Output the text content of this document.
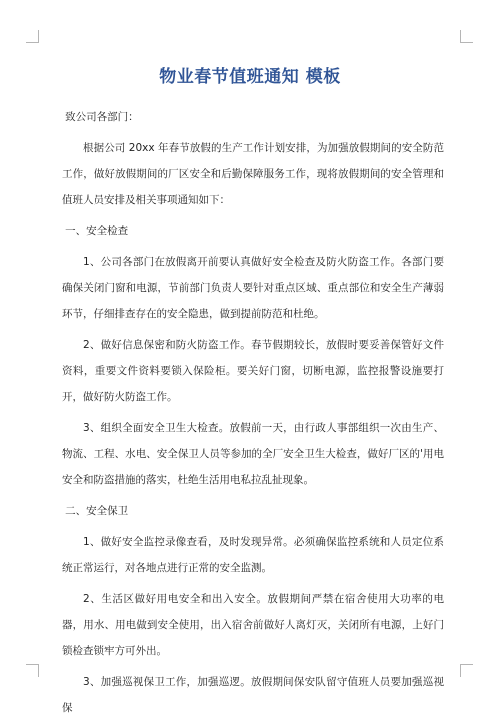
物业春节值班通知 模板

致公司各部门：

根据公司 20xx 年春节放假的生产工作计划安排，为加强放假期间的安全防范工作，做好放假期间的厂区安全和后勤保障服务工作，现将放假期间的安全管理和值班人员安排及相关事项通知如下：

一、安全检查

1、公司各部门在放假离开前要认真做好安全检查及防火防盗工作。各部门要确保关闭门窗和电源，节前部门负责人要针对重点区域、重点部位和安全生产薄弱环节，仔细排查存在的安全隐患，做到提前防范和杜绝。

2、做好信息保密和防火防盗工作。春节假期较长，放假时要妥善保管好文件资料，重要文件资料要锁入保险柜。要关好门窗，切断电源，监控报警设施要打开，做好防火防盗工作。

3、组织全面安全卫生大检查。放假前一天，由行政人事部组织一次由生产、物流、工程、水电、安全保卫人员等参加的全厂安全卫生大检查，做好厂区的'用电安全和防盗措施的落实，杜绝生活用电私拉乱扯现象。

二、安全保卫

1、做好安全监控录像查看，及时发现异常。必须确保监控系统和人员定位系统正常运行，对各地点进行正常的安全监测。

2、生活区做好用电安全和出入安全。放假期间严禁在宿舍使用大功率的电器，用水、用电做到安全使用，出入宿舍前做好人离灯灭，关闭所有电源，上好门锁检查锁牢方可外出。

3、加强巡视保卫工作，加强巡逻。放假期间保安队留守值班人员要加强巡视保
